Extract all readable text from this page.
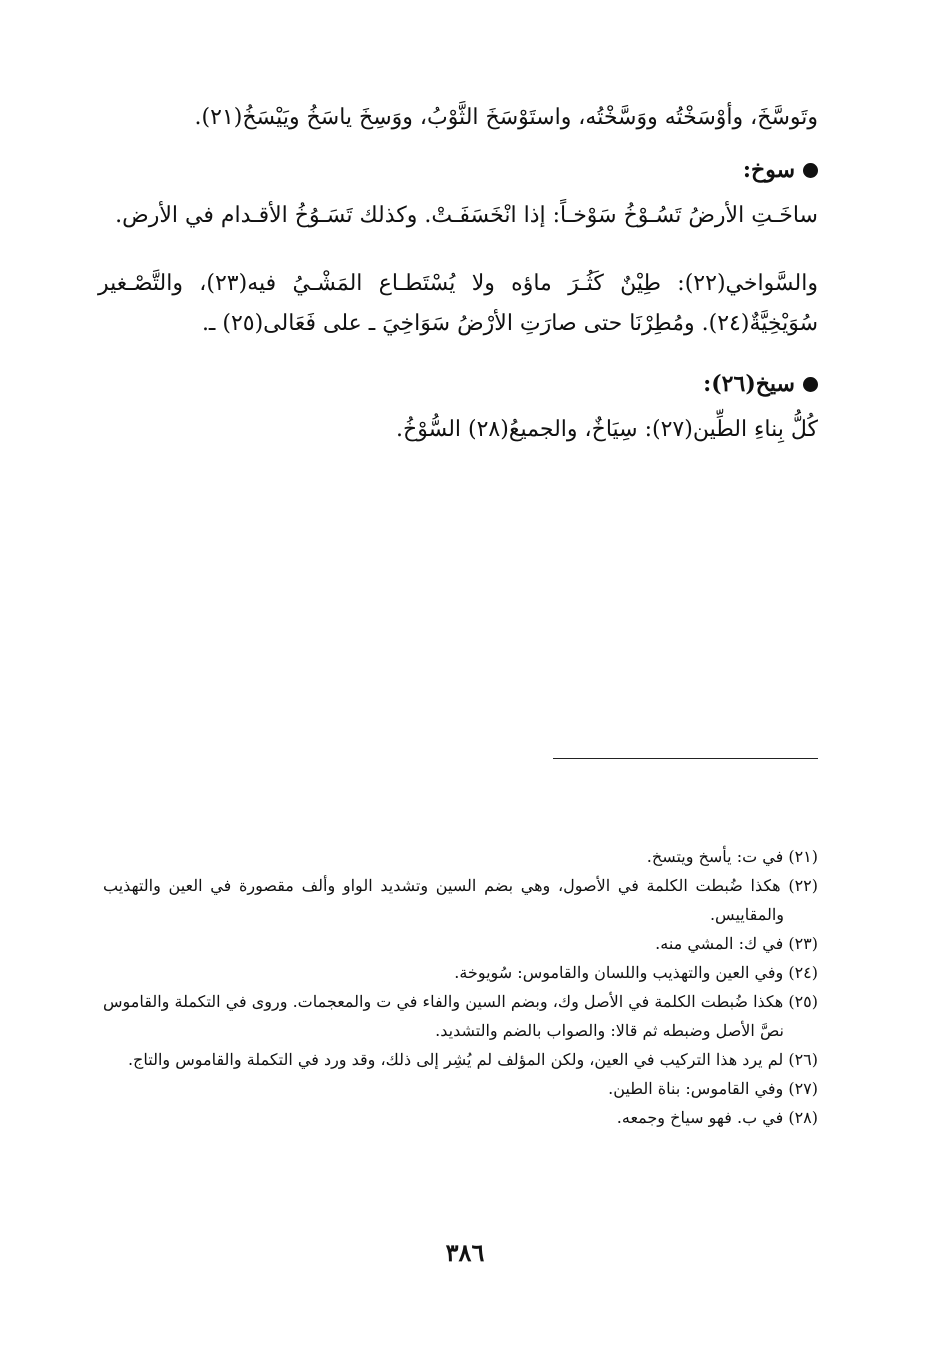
وتَوسَّخَ، وأوْسَخْتُه ووَسَّخْتُه، واستَوْسَخَ الثَّوْبُ، ووَسِخَ ياسَخُ ويَيْسَخُ(٢١).

سوخ:

ساخَـتِ الأرضُ تَسُـوْخُ سَوْخـاً: إذا انْخَسَفَـتْ. وكذلك تَسَـوُخُ الأقـدام في الأرض.

والسَّواخي(٢٢): طِيْنٌ كَثُـرَ ماؤه ولا يُسْتَطـاع المَشْـيُ فيه(٢٣)، والتَّصْـغير سُوَيْخِيَّةٌ(٢٤). ومُطِرْنَا حتى صارَتِ الأرْضُ سَوَاخِيَ ـ على فَعَالى(٢٥) ـ.

سيخ(٢٦):

كُلُّ بِناءِ الطِّين(٢٧): سِيَاخٌ، والجميعُ(٢٨) السُّوْخُ.

(٢١) في ت: يأسخ ويتسخ.

(٢٢) هكذا ضُبطت الكلمة في الأصول، وهي بضم السين وتشديد الواو وألف مقصورة في العين والتهذيب والمقاييس.

(٢٣) في ك: المشي منه.

(٢٤) وفي العين والتهذيب واللسان والقاموس: سُويوخة.

(٢٥) هكذا ضُبطت الكلمة في الأصل وك، وبضم السين والفاء في ت والمعجمات. وروى في التكملة والقاموس نصَّ الأصل وضبطه ثم قالا: والصواب بالضم والتشديد.

(٢٦) لم يرد هذا التركيب في العين، ولكن المؤلف لم يُشِر إلى ذلك، وقد ورد في التكملة والقاموس والتاج.

(٢٧) وفي القاموس: بناة الطين.

(٢٨) في ب. فهو سياخ وجمعه.

٣٨٦
